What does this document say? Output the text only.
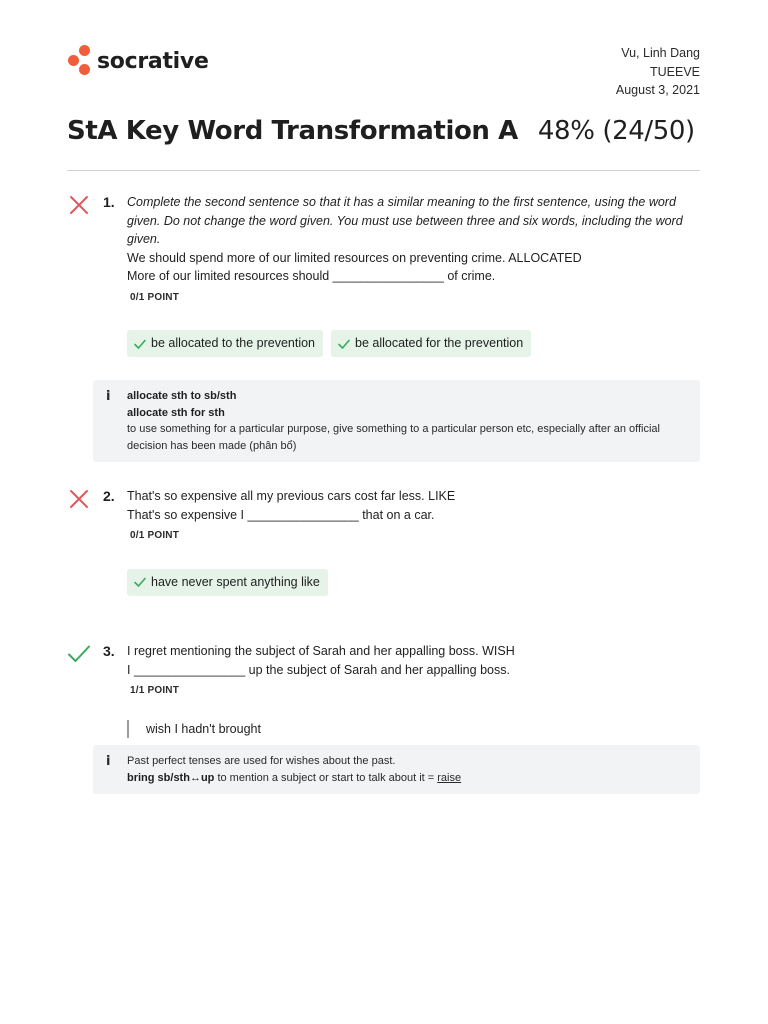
socrative	Vu, Linh Dang
TUEEVE
August 3, 2021
StA Key Word Transformation A 48% (24/50)
1. Complete the second sentence so that it has a similar meaning to the first sentence, using the word given. Do not change the word given. You must use between three and six words, including the word given.
We should spend more of our limited resources on preventing crime. ALLOCATED
More of our limited resources should ________________ of crime.
0/1 POINT
be allocated to the prevention	be allocated for the prevention
i allocate sth to sb/sth
allocate sth for sth
to use something for a particular purpose, give something to a particular person etc, especially after an official decision has been made (phân bổ)
2. That's so expensive all my previous cars cost far less. LIKE
That's so expensive I ________________ that on a car.
0/1 POINT
have never spent anything like
3. I regret mentioning the subject of Sarah and her appalling boss. WISH
I ________________ up the subject of Sarah and her appalling boss.
1/1 POINT
wish I hadn't brought
i Past perfect tenses are used for wishes about the past.
bring sb/sth↔up to mention a subject or start to talk about it = raise
